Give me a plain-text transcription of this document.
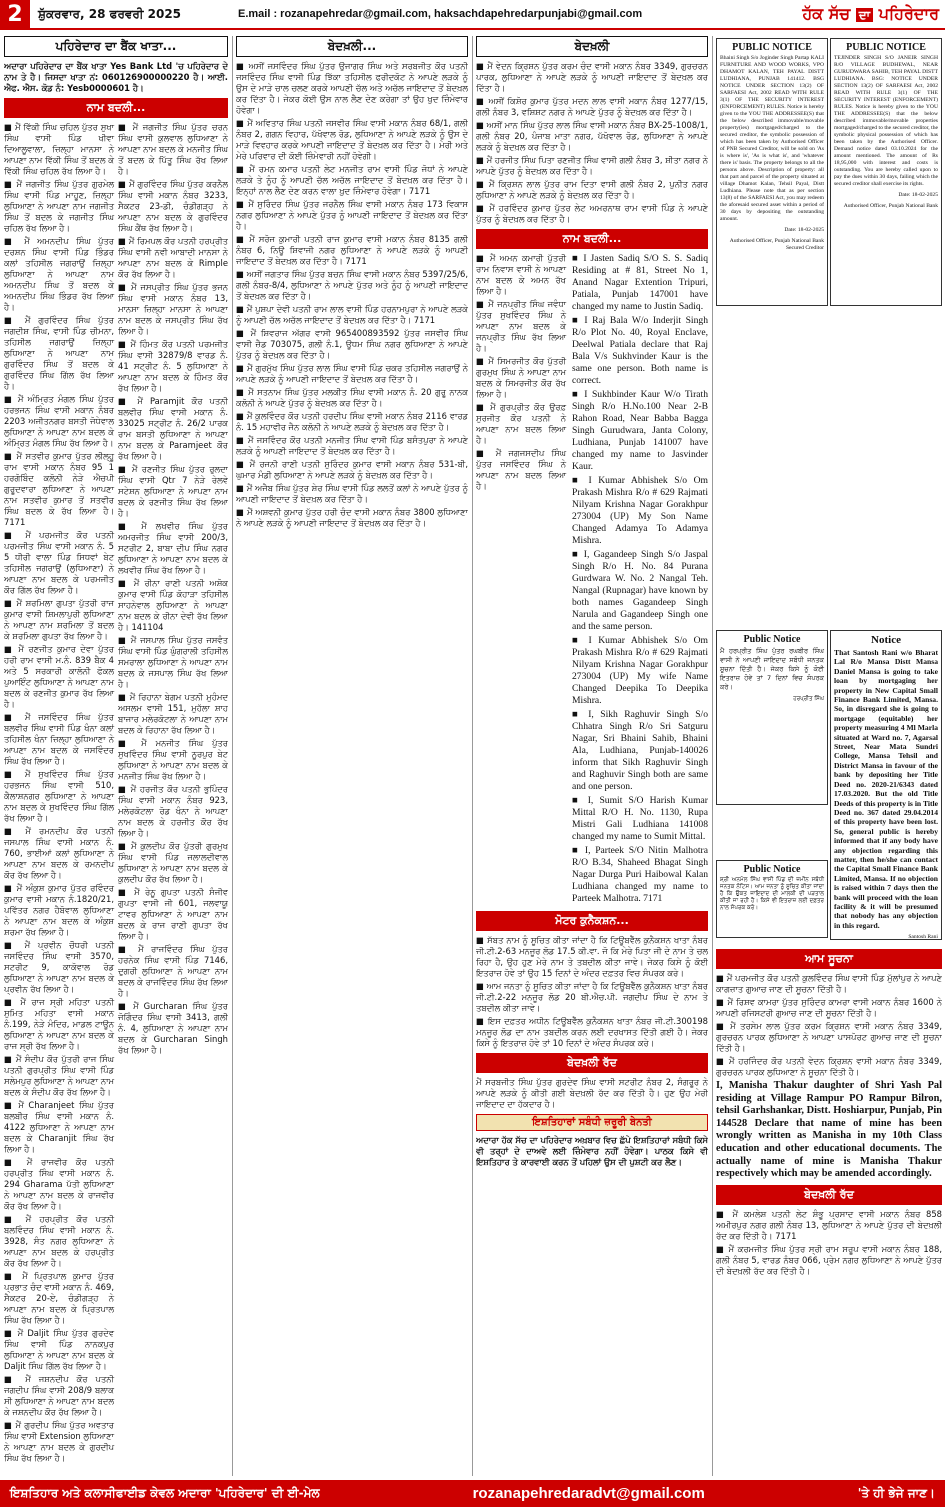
2	ਸ਼ੁੱਕਰਵਾਰ, 28 ਫਰਵਰੀ 2025	E.mail : rozanapehredar@gmail.com, haksachdapehredarpunjabi@gmail.com	ਹੱਕ ਸੱਚ ਦਾ ਪਹਿਰੇਦਾਰ
ਪਹਿਰੇਦਾਰ ਦਾ ਬੈਂਕ ਖਾਤਾ...

ਅਦਾਰਾ ਪਹਿਰੇਦਾਰ ਦਾ ਬੈਂਕ ਖਾਤਾ Yes Bank Ltd 'ਚ ਪਹਿਰੇਦਾਰ ਦੇ ਨਾਮ ਤੇ ਹੈ। ਜਿਸਦਾ ਖਾਤਾ ਨਂ: 060126900000220 ਹੈ। ਆਈ. ਐਫ. ਐਸ. ਕੋਡ ਨੰ: Yesb0000601 ਹੈ।

ਨਾਮ ਬਦਲੀ...

■ ਮੈਂ ਵਿੱਕੀ ਸਿੰਘ ਚਹਿਲ ਪੁੱਤਰ ਸੁਖਾ ਸਿੰਘ ਵਾਸੀ ਪਿੰਡ ਖੀਵਾ ਦਿਆਲੂਵਾਲਾ, ਜ਼ਿਲ੍ਹਾ ਮਾਨਸਾ ਨੇ ਆਪਣਾ ਨਾਮ ਵਿੱਕੀ ਸਿੰਘ ਤੋਂ ਬਦਲ ਕੇ ਵਿੱਕੀ ਸਿੰਘ ਚਹਿਲ ਰੱਖ ਲਿਆ ਹੈ।

■ ਮੈਂ ਜਗਜੀਤ ਸਿੰਘ ਪੁੱਤਰ ਗੁਰਮੇਲ ਸਿੰਘ ਵਾਸੀ ਪਿੰਡ ਮਾਹੂਣ, ਜ਼ਿਲ੍ਹਾ ਲੁਧਿਆਣਾ ਨੇ ਆਪਣਾ ਨਾਮ ਜਗਜੀਤ ਸਿੰਘ ਤੋਂ ਬਦਲ ਕੇ ਜਗਜੀਤ ਸਿੰਘ ਚਹਿਲ ਰੱਖ ਲਿਆ ਹੈ।

■ ਮੈਂ ਅਮਨਦੀਪ ਸਿੰਘ ਪੁੱਤਰ ਦਰਸ਼ਨ ਸਿੰਘ ਵਾਸੀ ਪਿੰਡ ਭਿੰਡਰ ਕਲਾਂ ਤਹਿਸੀਲ ਜਗਰਾਉਂ ਜ਼ਿਲ੍ਹਾ ਲੁਧਿਆਣਾ ਨੇ ਆਪਣਾ ਨਾਮ ਅਮਨਦੀਪ ਸਿੰਘ ਤੋਂ ਬਦਲ ਕੇ ਅਮਨਦੀਪ ਸਿੰਘ ਭਿੰਡਰ ਰੱਖ ਲਿਆ ਹੈ।

■ ਮੈਂ ਗੁਰਵਿੰਦਰ ਸਿੰਘ ਪੁੱਤਰ ਜਗਦੀਸ਼ ਸਿੰਘ, ਵਾਸੀ ਪਿੰਡ ਚੀਮਨਾ, ਤਹਿਸੀਲ ਜਗਰਾਉਂ ਜ਼ਿਲ੍ਹਾ ਲੁਧਿਆਣਾ ਨੇ ਆਪਣਾ ਨਾਮ ਗੁਰਵਿੰਦਰ ਸਿੰਘ ਤੋਂ ਬਦਲ ਕੇ ਗੁਰਵਿੰਦਰ ਸਿੰਘ ਗਿੱਲ ਰੱਖ ਲਿਆ ਹੈ।

■ ਮੈਂ ਅੰਮ੍ਰਿਤ ਮੰਗਲ ਸਿੰਘ ਪੁੱਤਰ ਹਰਭਜਨ ਸਿੰਘ ਵਾਸੀ ਮਕਾਨ ਨੰਬਰ 2203 ਅਜੀਤਨਗਰ ਬਸਤੀ ਜੋਧੇਵਾਲ ਲੁਧਿਆਣਾ ਨੇ ਆਪਣਾ ਨਾਮ ਬਦਲ ਕੇ ਅੰਮ੍ਰਿਤ ਮੰਗਲ ਸਿੰਘ ਰੱਖ ਲਿਆ ਹੈ।

■ ਮੈਂ ਸਤਵੀਰ ਕੁਮਾਰ ਪੁੱਤਰ ਲੀਲ੍ਹੂ ਰਾਮ ਵਾਸੀ ਮਕਾਨ ਨੰਬਰ 95 1 ਹਰਗੋਬਿੰਦ ਕਲੋਨੀ ਨੇੜੇ ਐਚਪੀ ਗੁਰੂਦਵਾਰਾ ਲੁਧਿਆਣਾ ਨੇ ਆਪਣਾ ਨਾਮ ਸਤਵੀਰ ਕੁਮਾਰ ਤੋਂ ਸਤਵੀਰ ਸਿੰਘ ਬਦਲ ਕੇ ਰੱਖ ਲਿਆ ਹੈ। 7171

■ ਮੈਂ ਪਰਮਜੀਤ ਕੌਰ ਪਤਨੀ ਪਰਮਜੀਤ ਸਿੰਘ ਵਾਸੀ ਮਕਾਨ ਨੰ. 5 5 ਧੀਰੀ ਵਾਲਾ ਪਿੰਡ ਸਿਧਵਾਂ ਬੇਟ ਤਹਿਸੀਲ ਜਗਰਾਉਂ (ਲੁਧਿਆਣਾ) ਨੇ ਆਪਣਾ ਨਾਮ ਬਦਲ ਕੇ ਪਰਮਜੀਤ ਕੌਰ ਗਿੱਲ ਰੱਖ ਲਿਆ ਹੈ।

■ ਮੈਂ ਸ਼ਰਮਿਲਾ ਗੁਪਤਾ ਪੁੱਤਰੀ ਰਾਜ ਕੁਮਾਰ ਵਾਸੀ ਸ਼ਿਮਲਾਪੁਰੀ ਲੁਧਿਆਣਾ ਨੇ ਆਪਣਾ ਨਾਮ ਸ਼ਰਮਿਲਾ ਤੋਂ ਬਦਲ ਕੇ ਸ਼ਰਮਿਲਾ ਗੁਪਤਾ ਰੱਖ ਲਿਆ ਹੈ।

■ ਮੈਂ ਰਣਜੀਤ ਕੁਮਾਰ ਦੇਵਾ ਪੁੱਤਰ ਹਰੀ ਰਾਮ ਵਾਸੀ ਮ.ਨੰ. 839 ਬੈਕ 4 ਅਤੇ 5 ਸਰਕਾਰੀ ਕਾਲੋਨੀ ਫੋਕਲ ਪੁਆਇੰਟ ਲੁਧਿਆਣਾ ਨੇ ਆਪਣਾ ਨਾਮ ਬਦਲ ਕੇ ਰਣਜੀਤ ਕੁਮਾਰ ਰੱਖ ਲਿਆ ਹੈ।

■ ਮੈਂ ਜਸਵਿੰਦਰ ਸਿੰਘ ਪੁੱਤਰ ਬਲਵੀਰ ਸਿੰਘ ਵਾਸੀ ਪਿੰਡ ਖੰਨਾ ਕਲਾਂ ਤਹਿਸੀਲ ਖੰਨਾ ਜ਼ਿਲ੍ਹਾ ਲੁਧਿਆਣਾ ਨੇ ਆਪਣਾ ਨਾਮ ਬਦਲ ਕੇ ਜਸਵਿੰਦਰ ਸਿੰਘ ਰੱਖ ਲਿਆ ਹੈ।

■ ਮੈਂ ਸੁਖਵਿੰਦਰ ਸਿੰਘ ਪੁੱਤਰ ਹਰਭਜਨ ਸਿੰਘ ਵਾਸੀ 510, ਕੈਲਾਸ਼ਨਗਰ ਲੁਧਿਆਣਾ ਨੇ ਆਪਣਾ ਨਾਮ ਬਦਲ ਕੇ ਸੁਖਵਿੰਦਰ ਸਿੰਘ ਗਿੱਲ ਰੱਖ ਲਿਆ ਹੈ।

■ ਮੈਂ ਰਮਨਦੀਪ ਕੌਰ ਪਤਨੀ ਜਸਪਾਲ ਸਿੰਘ ਵਾਸੀ ਮਕਾਨ ਨੰ. 760, ਭਾਈਆਂ ਕਲਾਂ ਲੁਧਿਆਣਾ ਨੇ ਆਪਣਾ ਨਾਮ ਬਦਲ ਕੇ ਰਮਨਦੀਪ ਕੌਰ ਰੱਖ ਲਿਆ ਹੈ।

■ ਮੈਂ ਅੰਕੁਸ਼ ਕੁਮਾਰ ਪੁੱਤਰ ਰਵਿੰਦਰ ਕੁਮਾਰ ਵਾਸੀ ਮਕਾਨ ਨੰ.1820/21, ਪਵਿੱਤਰ ਨਗਰ ਹੈਬੋਵਾਲ ਲੁਧਿਆਣਾ ਨੇ ਆਪਣਾ ਨਾਮ ਬਦਲ ਕੇ ਅੰਕੁਸ਼ ਸ਼ਰਮਾ ਰੱਖ ਲਿਆ ਹੈ।

■ ਮੈਂ ਪ੍ਰਵੀਨ ਚੌਧਰੀ ਪਤਨੀ ਜਸਵਿੰਦਰ ਸਿੰਘ ਵਾਸੀ 3570, ਸਟਰੀਟ 9, ਕਾਕੋਵਾਲ ਰੋਡ ਲੁਧਿਆਣਾ ਨੇ ਆਪਣਾ ਨਾਮ ਬਦਲ ਕੇ ਪ੍ਰਵੀਨ ਰੱਖ ਲਿਆ ਹੈ।

■ ਮੈਂ ਰਾਜ ਸ੍ਰੀ ਮਹਿਤਾ ਪਤਨੀ ਸੁਮਿਤ ਮਹਿਤਾ ਵਾਸੀ ਮਕਾਨ ਨੰ.199, ਨੇੜੇ ਮੰਦਿਰ, ਮਾਡਲ ਟਾਊਨ ਲੁਧਿਆਣਾ ਨੇ ਆਪਣਾ ਨਾਮ ਬਦਲ ਕੇ ਰਾਜ ਸ੍ਰੀ ਰੱਖ ਲਿਆ ਹੈ।

■ ਮੈਂ ਸੰਦੀਪ ਕੌਰ ਪੁੱਤਰੀ ਰਾਜ ਸਿੰਘ ਪਤਨੀ ਗੁਰਪ੍ਰੀਤ ਸਿੰਘ ਵਾਸੀ ਪਿੰਡ ਸਲੇਮਪੁਰ ਲੁਧਿਆਣਾ ਨੇ ਆਪਣਾ ਨਾਮ ਬਦਲ ਕੇ ਸੰਦੀਪ ਕੌਰ ਰੱਖ ਲਿਆ ਹੈ।

■ ਮੈਂ Charanjeet ਸਿੰਘ ਪੁੱਤਰ ਬਲਬੀਰ ਸਿੰਘ ਵਾਸੀ ਮਕਾਨ ਨੰ. 4122 ਲੁਧਿਆਣਾ ਨੇ ਆਪਣਾ ਨਾਮ ਬਦਲ ਕੇ Charanjit ਸਿੰਘ ਰੱਖ ਲਿਆ ਹੈ।

■ ਮੈਂ ਰਾਜਵੀਰ ਕੌਰ ਪਤਨੀ ਹਰਪ੍ਰੀਤ ਸਿੰਘ ਵਾਸੀ ਮਕਾਨ ਨੰ. 294 Gharama ਪੱਤੀ ਲੁਧਿਆਣਾ ਨੇ ਆਪਣਾ ਨਾਮ ਬਦਲ ਕੇ ਰਾਜਵੀਰ ਕੌਰ ਰੱਖ ਲਿਆ ਹੈ।

■ ਮੈਂ ਹਰਪ੍ਰੀਤ ਕੌਰ ਪਤਨੀ ਬਲਵਿੰਦਰ ਸਿੰਘ ਵਾਸੀ ਮਕਾਨ ਨੰ. 3928, ਸੰਤ ਨਗਰ ਲੁਧਿਆਣਾ ਨੇ ਆਪਣਾ ਨਾਮ ਬਦਲ ਕੇ ਹਰਪ੍ਰੀਤ ਕੌਰ ਰੱਖ ਲਿਆ ਹੈ।

■ ਮੈਂ ਪ੍ਰਿਤਪਾਲ ਕੁਮਾਰ ਪੁੱਤਰ ਪ੍ਰਭਾਤ ਚੰਦ ਵਾਸੀ ਮਕਾਨ ਨੰ. 469, ਸੈਕਟਰ 20-ਏ, ਚੰਡੀਗੜ੍ਹ ਨੇ ਆਪਣਾ ਨਾਮ ਬਦਲ ਕੇ ਪ੍ਰਿਤਪਾਲ ਸਿੰਘ ਰੱਖ ਲਿਆ ਹੈ।

■ ਮੈਂ Daljit ਸਿੰਘ ਪੁੱਤਰ ਗੁਰਦੇਵ ਸਿੰਘ ਵਾਸੀ ਪਿੰਡ ਨਾਨਕਪੁਰ ਲੁਧਿਆਣਾ ਨੇ ਆਪਣਾ ਨਾਮ ਬਦਲ ਕੇ Daljit ਸਿੰਘ ਗਿੱਲ ਰੱਖ ਲਿਆ ਹੈ।

■ ਮੈਂ ਜਸ਼ਨਦੀਪ ਕੌਰ ਪਤਨੀ ਜਗਦੀਪ ਸਿੰਘ ਵਾਸੀ 208/9 ਬਲਾਕ ਸੀ ਲੁਧਿਆਣਾ ਨੇ ਆਪਣਾ ਨਾਮ ਬਦਲ ਕੇ ਜਸ਼ਨਦੀਪ ਕੌਰ ਰੱਖ ਲਿਆ ਹੈ।

■ ਮੈਂ ਗੁਰਦੀਪ ਸਿੰਘ ਪੁੱਤਰ ਅਵਤਾਰ ਸਿੰਘ ਵਾਸੀ Extension ਲੁਧਿਆਣਾ ਨੇ ਆਪਣਾ ਨਾਮ ਬਦਲ ਕੇ ਗੁਰਦੀਪ ਸਿੰਘ ਰੱਖ ਲਿਆ ਹੈ।

ਬੇਦਖ਼ਲੀ...

■ ਅਸੀਂ ਜਸਵਿੰਦਰ ਸਿੰਘ ਪੁੱਤਰ ਉਜਾਗਰ ਸਿੰਘ ਅਤੇ ਸਰਬਜੀਤ ਕੌਰ ਪਤਨੀ ਜਸਵਿੰਦਰ ਸਿੰਘ ਵਾਸੀ ਪਿੰਡ ਝਿੱਕਾ ਤਹਿਸੀਲ ਫਰੀਦਕੋਟ ਨੇ ਆਪਣੇ ਲੜਕੇ ਨੂੰ ਉਸ ਦੇ ਮਾੜੇ ਚਾਲ ਚਲਣ ਕਰਕੇ ਆਪਣੀ ਚੱਲ ਅਤੇ ਅਚੱਲ ਜਾਇਦਾਦ ਤੋਂ ਬੇਦਖ਼ਲ ਕਰ ਦਿੱਤਾ ਹੈ। ਜੇਕਰ ਕੋਈ ਉਸ ਨਾਲ ਲੈਣ ਦੇਣ ਕਰੇਗਾ ਤਾਂ ਉਹ ਖੁਦ ਜ਼ਿੰਮੇਵਾਰ ਹੋਵੇਗਾ।

■ ਮੈਂ ਅਵਿਤਾਰ ਸਿੰਘ ਪਤਨੀ ਜਸਵੀਰ ਸਿੰਘ ਵਾਸੀ ਮਕਾਨ ਨੰਬਰ 68/1, ਗਲੀ ਨੰਬਰ 2, ਗਗਨ ਵਿਹਾਰ, ਪੱਖੋਵਾਲ ਰੋਡ, ਲੁਧਿਆਣਾ ਨੇ ਆਪਣੇ ਲੜਕੇ ਨੂੰ ਉਸ ਦੇ ਮਾੜੇ ਵਿਵਹਾਰ ਕਰਕੇ ਆਪਣੀ ਜਾਇਦਾਦ ਤੋਂ ਬੇਦਖ਼ਲ ਕਰ ਦਿੱਤਾ ਹੈ। ਮੇਰੀ ਅਤੇ ਮੇਰੇ ਪਰਿਵਾਰ ਦੀ ਕੋਈ ਜ਼ਿੰਮੇਵਾਰੀ ਨਹੀਂ ਹੋਵੇਗੀ।

■ ਮੈਂ ਰਮਨ ਕਮਾਰ ਪਤਨੀ ਲੇਟ ਮਨਜੀਤ ਰਾਮ ਵਾਸੀ ਪਿੰਡ ਜੋਧਾਂ ਨੇ ਆਪਣੇ ਲੜਕੇ ਤੇ ਨੂੰਹ ਨੂੰ ਆਪਣੀ ਚੱਲ ਅਚੱਲ ਜਾਇਦਾਦ ਤੋਂ ਬੇਦਖ਼ਲ ਕਰ ਦਿੱਤਾ ਹੈ। ਇਨ੍ਹਾਂ ਨਾਲ ਲੈਣ ਦੇਣ ਕਰਨ ਵਾਲਾ ਖ਼ੁਦ ਜ਼ਿੰਮੇਵਾਰ ਹੋਵੇਗਾ। 7171

■ ਮੈਂ ਸੁਰਿੰਦਰ ਸਿੰਘ ਪੁੱਤਰ ਜਰਨੈਲ ਸਿੰਘ ਵਾਸੀ ਮਕਾਨ ਨੰਬਰ 173 ਵਿਕਾਸ ਨਗਰ ਲੁਧਿਆਣਾ ਨੇ ਆਪਣੇ ਪੁੱਤਰ ਨੂੰ ਆਪਣੀ ਜਾਇਦਾਦ ਤੋਂ ਬੇਦਖ਼ਲ ਕਰ ਦਿੱਤਾ ਹੈ।

■ ਮੈਂ ਸਰੋਜ ਕੁਮਾਰੀ ਪਤਨੀ ਰਾਜ ਕੁਮਾਰ ਵਾਸੀ ਮਕਾਨ ਨੰਬਰ 8135 ਗਲੀ ਨੰਬਰ 6, ਨਿਊ ਸ਼ਿਵਾਜੀ ਨਗਰ ਲੁਧਿਆਣਾ ਨੇ ਆਪਣੇ ਲੜਕੇ ਨੂੰ ਆਪਣੀ ਜਾਇਦਾਦ ਤੋਂ ਬੇਦਖ਼ਲ ਕਰ ਦਿੱਤਾ ਹੈ। 7171

■ ਅਸੀਂ ਜਗਤਾਰ ਸਿੰਘ ਪੁੱਤਰ ਬਚਨ ਸਿੰਘ ਵਾਸੀ ਮਕਾਨ ਨੰਬਰ 5397/25/6, ਗਲੀ ਨੰਬਰ-8/4, ਲੁਧਿਆਣਾ ਨੇ ਆਪਣੇ ਪੁੱਤਰ ਅਤੇ ਨੂੰਹ ਨੂੰ ਆਪਣੀ ਜਾਇਦਾਦ ਤੋਂ ਬੇਦਖ਼ਲ ਕਰ ਦਿੱਤਾ ਹੈ।

■ ਮੈਂ ਪੁਸ਼ਪਾ ਦੇਵੀ ਪਤਨੀ ਰਾਮ ਲਾਲ ਵਾਸੀ ਪਿੰਡ ਹਰਨਾਮਪੁਰਾ ਨੇ ਆਪਣੇ ਲੜਕੇ ਨੂੰ ਆਪਣੀ ਚੱਲ ਅਚੱਲ ਜਾਇਦਾਦ ਤੋਂ ਬੇਦਖ਼ਲ ਕਰ ਦਿੱਤਾ ਹੈ। 7171

■ ਮੈਂ ਸ਼ਿਵਰਾਜ ਅੱਗਰ ਵਾਸੀ 965400893592 ਪੁੱਤਰ ਜਸਵੀਰ ਸਿੰਘ ਵਾਸੀ ਜ਼ੈਡ 703075, ਗਲੀ ਨੰ.1, ਊਧਮ ਸਿੰਘ ਨਗਰ ਲੁਧਿਆਣਾ ਨੇ ਆਪਣੇ ਪੁੱਤਰ ਨੂੰ ਬੇਦਖ਼ਲ ਕਰ ਦਿੱਤਾ ਹੈ।

■ ਮੈਂ ਗੁਰਮੁੱਖ ਸਿੰਘ ਪੁੱਤਰ ਲਾਲ ਸਿੰਘ ਵਾਸੀ ਪਿੰਡ ਚਕਰ ਤਹਿਸੀਲ ਜਗਰਾਉਂ ਨੇ ਆਪਣੇ ਲੜਕੇ ਨੂੰ ਆਪਣੀ ਜਾਇਦਾਦ ਤੋਂ ਬੇਦਖ਼ਲ ਕਰ ਦਿੱਤਾ ਹੈ।

■ ਮੈਂ ਸਤਨਾਮ ਸਿੰਘ ਪੁੱਤਰ ਮਲਕੀਤ ਸਿੰਘ ਵਾਸੀ ਮਕਾਨ ਨੰ. 20 ਗੁਰੂ ਨਾਨਕ ਕਲੋਨੀ ਨੇ ਆਪਣੇ ਪੁੱਤਰ ਨੂੰ ਬੇਦਖ਼ਲ ਕਰ ਦਿੱਤਾ ਹੈ।

■ ਮੈਂ ਕੁਲਵਿੰਦਰ ਕੌਰ ਪਤਨੀ ਹਰਦੀਪ ਸਿੰਘ ਵਾਸੀ ਮਕਾਨ ਨੰਬਰ 2116 ਵਾਰਡ ਨੰ. 15 ਮਹਾਵੀਰ ਜੈਨ ਕਲੋਨੀ ਨੇ ਆਪਣੇ ਲੜਕੇ ਨੂੰ ਬੇਦਖ਼ਲ ਕਰ ਦਿੱਤਾ ਹੈ।

■ ਮੈਂ ਜਸਵਿੰਦਰ ਕੌਰ ਪਤਨੀ ਮਨਜੀਤ ਸਿੰਘ ਵਾਸੀ ਪਿੰਡ ਬਸੰਤਪੁਰਾ ਨੇ ਆਪਣੇ ਲੜਕੇ ਨੂੰ ਆਪਣੀ ਜਾਇਦਾਦ ਤੋਂ ਬੇਦਖ਼ਲ ਕਰ ਦਿੱਤਾ ਹੈ।

■ ਮੈਂ ਰਜਨੀ ਰਾਣੀ ਪਤਨੀ ਸੁਰਿੰਦਰ ਕੁਮਾਰ ਵਾਸੀ ਮਕਾਨ ਨੰਬਰ 531-ਬੀ, ਘੁਮਾਰ ਮੰਡੀ ਲੁਧਿਆਣਾ ਨੇ ਆਪਣੇ ਲੜਕੇ ਨੂੰ ਬੇਦਖ਼ਲ ਕਰ ਦਿੱਤਾ ਹੈ।

■ ਮੈਂ ਅਜੈਬ ਸਿੰਘ ਪੁੱਤਰ ਸ਼ੇਰ ਸਿੰਘ ਵਾਸੀ ਪਿੰਡ ਲਲਤੋਂ ਕਲਾਂ ਨੇ ਆਪਣੇ ਪੁੱਤਰ ਨੂੰ ਆਪਣੀ ਜਾਇਦਾਦ ਤੋਂ ਬੇਦਖ਼ਲ ਕਰ ਦਿੱਤਾ ਹੈ।

■ ਮੈਂ ਅਸ਼ਵਨੀ ਕੁਮਾਰ ਪੁੱਤਰ ਹਰੀ ਚੰਦ ਵਾਸੀ ਮਕਾਨ ਨੰਬਰ 3800 ਲੁਧਿਆਣਾ ਨੇ ਆਪਣੇ ਲੜਕੇ ਨੂੰ ਆਪਣੀ ਜਾਇਦਾਦ ਤੋਂ ਬੇਦਖ਼ਲ ਕਰ ਦਿੱਤਾ ਹੈ।

ਬੇਦਖ਼ਲੀ

■ ਮੈਂ ਵੇਦਨ ਕ੍ਰਿਸ਼ਨ ਪੁੱਤਰ ਕਰਮ ਚੰਦ ਵਾਸੀ ਮਕਾਨ ਨੰਬਰ 3349, ਗੁਰਚਰਨ ਪਾਰਕ, ਲੁਧਿਆਣਾ ਨੇ ਆਪਣੇ ਲੜਕੇ ਨੂੰ ਆਪਣੀ ਜਾਇਦਾਦ ਤੋਂ ਬੇਦਖ਼ਲ ਕਰ ਦਿੱਤਾ ਹੈ।

■ ਅਸੀਂ ਕਿਸ਼ੋਰ ਕੁਮਾਰ ਪੁੱਤਰ ਮਦਨ ਲਾਲ ਵਾਸੀ ਮਕਾਨ ਨੰਬਰ 1277/15, ਗਲੀ ਨੰਬਰ 3, ਵਸ਼ਿਸ਼ਟ ਨਗਰ ਨੇ ਆਪਣੇ ਪੁੱਤਰ ਨੂੰ ਬੇਦਖ਼ਲ ਕਰ ਦਿੱਤਾ ਹੈ।

■ ਅਸੀਂ ਮਾਨ ਸਿੰਘ ਪੁੱਤਰ ਲਾਲ ਸਿੰਘ ਵਾਸੀ ਮਕਾਨ ਨੰਬਰ BX-25-1008/1, ਗਲੀ ਨੰਬਰ 20, ਪੰਜਾਬ ਮਾਤਾ ਨਗਰ, ਪੱਖੋਵਾਲ ਰੋਡ, ਲੁਧਿਆਣਾ ਨੇ ਆਪਣੇ ਲੜਕੇ ਨੂੰ ਬੇਦਖ਼ਲ ਕਰ ਦਿੱਤਾ ਹੈ।

■ ਮੈਂ ਹਰਜੀਤ ਸਿੰਘ ਪਿਤਾ ਰਣਜੀਤ ਸਿੰਘ ਵਾਸੀ ਗਲੀ ਨੰਬਰ 3, ਸ਼ੀਤਾ ਨਗਰ ਨੇ ਆਪਣੇ ਪੁੱਤਰ ਨੂੰ ਬੇਦਖ਼ਲ ਕਰ ਦਿੱਤਾ ਹੈ।

■ ਮੈਂ ਕ੍ਰਿਸ਼ਨ ਲਾਲ ਪੁੱਤਰ ਰਾਮ ਦਿਤਾ ਵਾਸੀ ਗਲੀ ਨੰਬਰ 2, ਪੁਨੀਤ ਨਗਰ ਲੁਧਿਆਣਾ ਨੇ ਆਪਣੇ ਲੜਕੇ ਨੂੰ ਬੇਦਖ਼ਲ ਕਰ ਦਿੱਤਾ ਹੈ।

■ ਮੈਂ ਹਰਵਿੰਦਰ ਕੁਮਾਰ ਪੁੱਤਰ ਲੇਟ ਅਮਰਨਾਥ ਰਾਮ ਵਾਸੀ ਪਿੰਡ ਨੇ ਆਪਣੇ ਪੁੱਤਰ ਨੂੰ ਬੇਦਖ਼ਲ ਕਰ ਦਿੱਤਾ ਹੈ।

ਨਾਮ ਬਦਲੀ...

■ ਮੈਂ ਅਮਨ ਕਮਾਰੀ ਪੁੱਤਰੀ ਰਾਮ ਨਿਵਾਸ ਵਾਸੀ ਨੇ ਆਪਣਾ ਨਾਮ ਬਦਲ ਕੇ ਅਮਨ ਰੱਖ ਲਿਆ ਹੈ।

■ ਮੈਂ ਜਨਪ੍ਰੀਤ ਸਿੰਘ ਜਵੰਧਾ ਪੁੱਤਰ ਸੁਖਵਿੰਦਰ ਸਿੰਘ ਨੇ ਆਪਣਾ ਨਾਮ ਬਦਲ ਕੇ ਜਨਪ੍ਰੀਤ ਸਿੰਘ ਰੱਖ ਲਿਆ ਹੈ।

■ ਮੈਂ ਸਿਮਰਜੀਤ ਕੌਰ ਪੁੱਤਰੀ ਗੁਰਮੁਖ ਸਿੰਘ ਨੇ ਆਪਣਾ ਨਾਮ ਬਦਲ ਕੇ ਸਿਮਰਜੀਤ ਕੌਰ ਰੱਖ ਲਿਆ ਹੈ।

■ ਮੈਂ ਗੁਰਪ੍ਰੀਤ ਕੌਰ ਉਰਫ਼ ਸੁਰਜੀਤ ਕੌਰ ਪਤਨੀ ਨੇ ਆਪਣਾ ਨਾਮ ਬਦਲ ਲਿਆ ਹੈ।

■ ਮੈਂ ਜਗਜਸਦੀਪ ਸਿੰਘ ਪੁੱਤਰ ਜਸਵਿੰਦਰ ਸਿੰਘ ਨੇ ਆਪਣਾ ਨਾਮ ਬਦਲ ਲਿਆ ਹੈ।

■ I Jasten Sadiq S/O S. S. Sadiq Residing at # 81, Street No 1, Anand Nagar Extention Tripuri, Patiala, Punjab 147001 have changed my name to Justin Sadiq.

■ I Raj Bala W/o Inderjit Singh R/o Plot No. 40, Royal Enclave, Deelwal Patiala declare that Raj Bala V/s Sukhvinder Kaur is the same one person. Both name is correct.

■ I Sukhbinder Kaur W/o Tirath Singh R/o H.No.100 Near 2-B Rahon Road, Near Babba Bagga Singh Gurudwara, Janta Colony, Ludhiana, Punjab 141007 have changed my name to Jasvinder Kaur.

■ I Kumar Abhishek S/o Om Prakash Mishra R/o # 629 Rajmati Nilyam Krishna Nagar Gorakhpur 273004 (UP) My Son Name Changed Adamya To Adamya Mishra.

■ I, Gagandeep Singh S/o Jaspal Singh R/o H. No. 84 Purana Gurdwara W. No. 2 Nangal Teh. Nangal (Rupnagar) have known by both names Gagandeep Singh Narula and Gagandeep Singh one and the same person.

■ I Kumar Abhishek S/o Om Prakash Mishra R/o # 629 Rajmati Nilyam Krishna Nagar Gorakhpur 273004 (UP) My wife Name Changed Deepika To Deepika Mishra.

■ I, Sikh Raghuvir Singh S/o Chhatra Singh R/o Sri Satguru Nagar, Sri Bhaini Sahib, Bhaini Ala, Ludhiana, Punjab-140026 inform that Sikh Raghuvir Singh and Raghuvir Singh both are same and one person.

■ I, Sumit S/O Harish Kumar Mittal R/O H. No. 1130, Rupa Mistri Gali Ludhiana 141008 changed my name to Sumit Mittal.

■ I, Parteek S/O Nitin Malhotra R/O B.34, Shaheed Bhagat Singh Nagar Durga Puri Haibowal Kalan Ludhiana changed my name to Parteek Malhotra. 7171

ਮੋਟਰ ਕੁਨੈਕਸ਼ਨ...

■ ਸੱਬਤ ਨਾਮ ਨੂੰ ਸੂਚਿਤ ਕੀਤਾ ਜਾਂਦਾ ਹੈ ਕਿ ਟਿਊਬਵੈੱਲ ਕੁਨੈਕਸ਼ਨ ਖਾਤਾ ਨੰਬਰ ਜੀ.ਟੀ.2-63 ਮਨਜੂਰ ਲੋਡ 17.5 ਕੀ.ਵਾ. ਜੋ ਕਿ ਮੇਰੇ ਪਿਤਾ ਜੀ ਦੇ ਨਾਮ ਤੇ ਚਲ ਰਿਹਾ ਹੈ, ਉਹ ਹੁਣ ਮੇਰੇ ਨਾਮ ਤੇ ਤਬਦੀਲ ਕੀਤਾ ਜਾਵੇ। ਜੇਕਰ ਕਿਸੇ ਨੂੰ ਕੋਈ ਇਤਰਾਜ਼ ਹੋਵੇ ਤਾਂ ਉਹ 15 ਦਿਨਾਂ ਦੇ ਅੰਦਰ ਦਫ਼ਤਰ ਵਿਚ ਸੰਪਰਕ ਕਰੇ।

■ ਆਮ ਜਨਤਾ ਨੂੰ ਸੂਚਿਤ ਕੀਤਾ ਜਾਂਦਾ ਹੈ ਕਿ ਟਿਊਬਵੈੱਲ ਕੁਨੈਕਸ਼ਨ ਖਾਤਾ ਨੰਬਰ ਜੀ.ਟੀ.2-22 ਮਨਜੂਰ ਲੋਡ 20 ਬੀ.ਐਚ.ਪੀ. ਜਗਦੀਪ ਸਿੰਘ ਦੇ ਨਾਮ ਤੇ ਤਬਦੀਲ ਕੀਤਾ ਜਾਵੇ।

■ ਇਸ ਦਫ਼ਤਰ ਅਧੀਨ ਟਿਊਬਵੈੱਲ ਕੁਨੈਕਸ਼ਨ ਖਾਤਾ ਨੰਬਰ ਜੀ.ਟੀ.300198 ਮਨਜੂਰ ਲੋਡ ਦਾ ਨਾਮ ਤਬਦੀਲ ਕਰਨ ਲਈ ਦਰਖਾਸਤ ਦਿੱਤੀ ਗਈ ਹੈ। ਜੇਕਰ ਕਿਸੇ ਨੂੰ ਇਤਰਾਜ਼ ਹੋਵੇ ਤਾਂ 10 ਦਿਨਾਂ ਦੇ ਅੰਦਰ ਸੰਪਰਕ ਕਰੇ।

ਬੇਦਖ਼ਲੀ ਰੱਦ

ਮੈਂ ਸਰਬਜੀਤ ਸਿੰਘ ਪੁੱਤਰ ਗੁਰਦੇਵ ਸਿੰਘ ਵਾਸੀ ਸਟਰੀਟ ਨੰਬਰ 2, ਸੰਗਰੂਰ ਨੇ ਆਪਣੇ ਲੜਕੇ ਨੂੰ ਕੀਤੀ ਗਈ ਬੇਦਖ਼ਲੀ ਰੱਦ ਕਰ ਦਿੱਤੀ ਹੈ। ਹੁਣ ਉਹ ਮੇਰੀ ਜਾਇਦਾਦ ਦਾ ਹੱਕਦਾਰ ਹੈ।

ਇਸ਼ਤਿਹਾਰਾਂ ਸਬੰਧੀ ਜ਼ਰੂਰੀ ਬੇਨਤੀ

ਅਦਾਰਾ ਹੱਕ ਸੱਚ ਦਾ ਪਹਿਰੇਦਾਰ ਅਖ਼ਬਾਰ ਵਿਚ ਛੱਪੇ ਇਸ਼ਤਿਹਾਰਾਂ ਸਬੰਧੀ ਕਿਸੇ ਵੀ ਤਰ੍ਹਾਂ ਦੇ ਦਾਅਵੇ ਲਈ ਜ਼ਿੰਮੇਵਾਰ ਨਹੀਂ ਹੋਵੇਗਾ। ਪਾਠਕ ਕਿਸੇ ਵੀ ਇਸ਼ਤਿਹਾਰ ਤੇ ਕਾਰਵਾਈ ਕਰਨ ਤੋਂ ਪਹਿਲਾਂ ਉਸ ਦੀ ਪੁਸ਼ਟੀ ਕਰ ਲੈਣ।

PUBLIC NOTICE
Bhaini Singh S/o Joginder Singh Partap KALI FURNITURE AND WOOD WORKS, VPO DHAMOT KALAN, TEH PAYAL DISTT LUDHIANA, PUNJAB 141412. BSG NOTICE UNDER SECTION 13(2) OF SARFAESI Act, 2002 READ WITH RULE 3(1) OF THE SECURITY INTEREST (ENFORCEMENT) RULES. Notice is hereby given to the YOU THE ADDRESSEE(S) that the below described immovable/movable property(ies) mortgaged/charged to the secured creditor, the symbolic possession of which has been taken by Authorised Officer of PNB Secured Creditor, will be sold on 'As is where is', 'As is what is', and 'whatever there is' basis. The property belongs to all the persons above. Description of property: all that part and parcel of the property situated at village Dhamot Kalan, Tehsil Payal, Distt Ludhiana. Please note that as per section 13(8) of the SARFAESI Act, you may redeem the aforesaid secured asset within a period of 30 days by depositing the outstanding amount.
Date: 18-02-2025
Authorised Officer, Punjab National Bank Secured Creditor
PUBLIC NOTICE
TEJINDER SINGH S/O JANEIR SINGH R/O VILLAGE BUDHEWAL, NEAR GURUDWARA SAHIB, TEH PAYAL DISTT LUDHIANA. BSG: NOTICE UNDER SECTION 13(2) OF SARFAESI Act, 2002 READ WITH RULE 3(1) OF THE SECURITY INTEREST (ENFORCEMENT) RULES. Notice is hereby given to the YOU THE ADDRESSEE(S) that the below described immovable/movable properties mortgaged/charged to the secured creditor, the symbolic physical possession of which has been taken by the Authorised Officer. Demand notice dated 03.10.2024 for the amount mentioned. The amount of Rs 18,95,000 with interest and costs is outstanding. You are hereby called upon to pay the dues within 30 days, failing which the secured creditor shall exercise its rights.
Date: 18-02-2025
Authorised Officer, Punjab National Bank
Public Notice
ਮੈਂ ਹਰਪ੍ਰੀਤ ਸਿੰਘ ਪੁੱਤਰ ਰਘਬੀਰ ਸਿੰਘ ਵਾਸੀ ਨੇ ਆਪਣੀ ਜਾਇਦਾਦ ਸਬੰਧੀ ਜਨਤਕ ਸੂਚਨਾ ਦਿੱਤੀ ਹੈ। ਜੇਕਰ ਕਿਸੇ ਨੂੰ ਕੋਈ ਇਤਰਾਜ਼ ਹੋਵੇ ਤਾਂ 7 ਦਿਨਾਂ ਵਿਚ ਸੰਪਰਕ ਕਰੇ।
ਹਰਪ੍ਰੀਤ ਸਿੰਘ
Notice
That Santosh Rani w/o Bharat Lal R/o Mansa Distt Mansa Daniel Mansa is going to take loan by mortgaging her property in New Capital Small Finance Bank Limited, Mansa. So, in disregard she is going to mortgage (equitable) her property measuring 4 Ml Marla situated at Ward no. 7, Agarsal Street, Near Mata Sundri College, Mansa Tehsil and District Mansa in favour of the bank by depositing her Title Deed no. 2020-21/6343 dated 17.03.2020. But the old Title Deeds of this property is in Title Deed no. 367 dated 29.04.2014 of this property have been lost. So, general public is hereby informed that if any body have any objection regarding this matter, then he/she can contact the Capital Small Finance Bank Limited, Mansa. If no objection is raised within 7 days then the bank will proceed with the loan facility & it will be presumed that nobody has any objection in this regard.
Santosh Rani
Public Notice
ਸ਼੍ਰੀ ਅਨਮੋਲ ਸਿੰਘ ਵਾਸੀ ਪਿੰਡ ਦੀ ਜ਼ਮੀਨ ਸਬੰਧੀ ਜਨਤਕ ਨੋਟਿਸ। ਆਮ ਜਨਤਾ ਨੂੰ ਸੂਚਿਤ ਕੀਤਾ ਜਾਂਦਾ ਹੈ ਕਿ ਉਕਤ ਜਾਇਦਾਦ ਦੀ ਮਾਲਕੀ ਦੀ ਪੜਤਾਲ ਕੀਤੀ ਜਾ ਰਹੀ ਹੈ। ਕਿਸੇ ਵੀ ਇਤਰਾਜ਼ ਲਈ ਦਫ਼ਤਰ ਨਾਲ ਸੰਪਰਕ ਕਰੋ।
ਆਮ ਸੂਚਨਾ

■ ਮੈਂ ਪਰਮਜੀਤ ਕੌਰ ਪਤਨੀ ਕੁਲਵਿੰਦਰ ਸਿੰਘ ਵਾਸੀ ਪਿੰਡ ਮੁੱਲਾਂਪੁਰ ਨੇ ਆਪਣੇ ਕਾਗਜ਼ਾਤ ਗੁਆਚ ਜਾਣ ਦੀ ਸੂਚਨਾ ਦਿੱਤੀ ਹੈ।

■ ਮੈਂ ਰਿਸ਼ਵ ਕਾਮਰਾ ਪੁੱਤਰ ਸੁਰਿੰਦਰ ਕਾਮਰਾ ਵਾਸੀ ਮਕਾਨ ਨੰਬਰ 1600 ਨੇ ਆਪਣੀ ਰਜਿਸਟਰੀ ਗੁਆਚ ਜਾਣ ਦੀ ਸੂਚਨਾ ਦਿੱਤੀ ਹੈ।

■ ਮੈਂ ਤਰਸੇਮ ਲਾਲ ਪੁੱਤਰ ਕਰਮ ਕ੍ਰਿਸ਼ਨ ਵਾਸੀ ਮਕਾਨ ਨੰਬਰ 3349, ਗੁਰਚਰਨ ਪਾਰਕ ਲੁਧਿਆਣਾ ਨੇ ਆਪਣਾ ਪਾਸਪੋਰਟ ਗੁਆਚ ਜਾਣ ਦੀ ਸੂਚਨਾ ਦਿੱਤੀ ਹੈ।

■ ਮੈਂ ਹਰਜਿੰਦਰ ਕੌਰ ਪਤਨੀ ਵੇਦਨ ਕ੍ਰਿਸ਼ਨ ਵਾਸੀ ਮਕਾਨ ਨੰਬਰ 3349, ਗੁਰਚਰਨ ਪਾਰਕ ਲੁਧਿਆਣਾ ਨੇ ਸੂਚਨਾ ਦਿੱਤੀ ਹੈ।

I, Manisha Thakur daughter of Shri Yash Pal residing at Village Rampur PO Rampur Bilron, tehsil Garhshankar, Distt. Hoshiarpur, Punjab, Pin 144528 Declare that name of mine has been wrongly written as Manisha in my 10th Class education and other educational documents. The actually name of mine is Manisha Thakur respectively which may be amended accordingly.

ਬੇਦਖ਼ਲੀ ਰੱਦ

■ ਮੈਂ ਕਮਲੇਸ਼ ਪਤਨੀ ਲੇਟ ਸ਼ੰਭੂ ਪ੍ਰਸਾਦ ਵਾਸੀ ਮਕਾਨ ਨੰਬਰ 858 ਅਮੀਰਪੁਰ ਨਗਰ ਗਲੀ ਨੰਬਰ 13, ਲੁਧਿਆਣਾ ਨੇ ਆਪਣੇ ਪੁੱਤਰ ਦੀ ਬੇਦਖ਼ਲੀ ਰੱਦ ਕਰ ਦਿੱਤੀ ਹੈ। 7171

■ ਮੈਂ ਕਰਮਜੀਤ ਸਿੰਘ ਪੁੱਤਰ ਸ੍ਰੀ ਰਾਮ ਸਰੂਪ ਵਾਸੀ ਮਕਾਨ ਨੰਬਰ 188, ਗਲੀ ਨੰਬਰ 5, ਵਾਰਡ ਨੰਬਰ 066, ਪ੍ਰੇਮ ਨਗਰ ਲੁਧਿਆਣਾ ਨੇ ਆਪਣੇ ਪੁੱਤਰ ਦੀ ਬੇਦਖ਼ਲੀ ਰੱਦ ਕਰ ਦਿੱਤੀ ਹੈ।

ਇਸ਼ਤਿਹਾਰ ਅਤੇ ਕਲਾਸੀਫਾਈਡ ਕੇਵਲ ਅਦਾਰਾ 'ਪਹਿਰੇਦਾਰ' ਦੀ ਈ-ਮੇਲ	rozanapehredaradvt@gmail.com	'ਤੇ ਹੀ ਭੇਜੇ ਜਾਣ।

■ ਮੈਂ ਜਗਜੀਤ ਸਿੰਘ ਪੁੱਤਰ ਚਰਨ ਸਿੰਘ ਵਾਸੀ ਕੁਲਵਾਲ ਲੁਧਿਆਣਾ ਨੇ ਆਪਣਾ ਨਾਮ ਬਦਲ ਕੇ ਮਨਜੀਤ ਸਿੰਘ ਤੋਂ ਬਦਲ ਕੇ ਪਿੱਤੂ ਸਿੰਘ ਰੱਖ ਲਿਆ ਹੈ।

■ ਮੈਂ ਗੁਰਵਿੰਦਰ ਸਿੰਘ ਪੁੱਤਰ ਕਰਨੈਲ ਸਿੰਘ ਵਾਸੀ ਮਕਾਨ ਨੰਬਰ 3233, ਸੈਕਟਰ 23-ਡੀ, ਚੰਡੀਗੜ੍ਹ ਨੇ ਆਪਣਾ ਨਾਮ ਬਦਲ ਕੇ ਗੁਰਵਿੰਦਰ ਸਿੰਘ ਕੈਂਥ ਰੱਖ ਲਿਆ ਹੈ।

■ ਮੈਂ ਰਿਮਪਲ ਕੌਰ ਪਤਨੀ ਹਰਪ੍ਰੀਤ ਸਿੰਘ ਵਾਸੀ ਨਵੀ ਆਬਾਦੀ ਮਾਨਸਾ ਨੇ ਆਪਣਾ ਨਾਮ ਬਦਲ ਕੇ Rimple ਕੌਰ ਰੱਖ ਲਿਆ ਹੈ।

■ ਮੈਂ ਜਸਪ੍ਰੀਤ ਸਿੰਘ ਪੁੱਤਰ ਭਜਨ ਸਿੰਘ ਵਾਸੀ ਮਕਾਨ ਨੰਬਰ 13, ਮਾਨਸਾ ਜ਼ਿਲ੍ਹਾ ਮਾਨਸਾ ਨੇ ਆਪਣਾ ਨਾਮ ਬਦਲ ਕੇ ਜਸਪ੍ਰੀਤ ਸਿੰਘ ਰੱਖ ਲਿਆ ਹੈ।

■ ਮੈਂ ਹਿੰਮਤ ਕੌਰ ਪਤਨੀ ਪਰਮਜੀਤ ਸਿੰਘ ਵਾਸੀ 32879/8 ਵਾਰਡ ਨੰ. 41 ਸਟ੍ਰੀਟ ਨੰ. 5 ਲੁਧਿਆਣਾ ਨੇ ਆਪਣਾ ਨਾਮ ਬਦਲ ਕੇ ਹਿੰਮਤ ਕੌਰ ਰੱਖ ਲਿਆ ਹੈ।

■ ਮੈਂ Paramjit ਕੌਰ ਪਤਨੀ ਬਲਵੀਰ ਸਿੰਘ ਵਾਸੀ ਮਕਾਨ ਨੰ. 33025 ਸਟ੍ਰੀਟ ਨੰ. 26/2 ਪਾਰਕ ਰਾਮ ਬਸਤੀ ਲੁਧਿਆਣਾ ਨੇ ਆਪਣਾ ਨਾਮ ਬਦਲ ਕੇ Paramjeet ਕੌਰ ਰੱਖ ਲਿਆ ਹੈ।

■ ਮੈਂ ਰਣਜੀਤ ਸਿੰਘ ਪੁੱਤਰ ਰੁਲਦਾ ਸਿੰਘ ਵਾਸੀ Qtr 7 ਨੇੜੇ ਰੇਲਵੇ ਸਟੇਸ਼ਨ ਲੁਧਿਆਣਾ ਨੇ ਆਪਣਾ ਨਾਮ ਬਦਲ ਕੇ ਰਣਜੀਤ ਸਿੰਘ ਰੱਖ ਲਿਆ ਹੈ।

■ ਮੈਂ ਲਖਵੀਰ ਸਿੰਘ ਪੁੱਤਰ ਅਮਰਜੀਤ ਸਿੰਘ ਵਾਸੀ 200/3, ਸਟਰੀਟ 2, ਬਾਬਾ ਦੀਪ ਸਿੰਘ ਨਗਰ ਲੁਧਿਆਣਾ ਨੇ ਆਪਣਾ ਨਾਮ ਬਦਲ ਕੇ ਲਖਵੀਰ ਸਿੰਘ ਰੱਖ ਲਿਆ ਹੈ।

■ ਮੈਂ ਰੀਨਾ ਰਾਣੀ ਪਤਨੀ ਅਸ਼ੋਕ ਕੁਮਾਰ ਵਾਸੀ ਪਿੰਡ ਕੋਹਾੜਾ ਤਹਿਸੀਲ ਸਾਹਨੇਵਾਲ ਲੁਧਿਆਣਾ ਨੇ ਆਪਣਾ ਨਾਮ ਬਦਲ ਕੇ ਰੀਨਾ ਦੇਵੀ ਰੱਖ ਲਿਆ ਹੈ। 141104

■ ਮੈਂ ਜਸਪਾਲ ਸਿੰਘ ਪੁੱਤਰ ਜਸਵੰਤ ਸਿੰਘ ਵਾਸੀ ਪਿੰਡ ਘੁੰਗਰਾਲੀ ਤਹਿਸੀਲ ਸਮਰਾਲਾ ਲੁਧਿਆਣਾ ਨੇ ਆਪਣਾ ਨਾਮ ਬਦਲ ਕੇ ਜਸਪਾਲ ਸਿੰਘ ਰੱਖ ਲਿਆ ਹੈ।

■ ਮੈਂ ਰਿਹਾਨਾ ਬੇਗਮ ਪਤਨੀ ਮੁਹੰਮਦ ਅਸਲਮ ਵਾਸੀ 151, ਮੁਹੱਲਾ ਸ਼ਾਹ ਬਾਜਾਰ ਮਲੇਰਕੋਟਲਾ ਨੇ ਆਪਣਾ ਨਾਮ ਬਦਲ ਕੇ ਰਿਹਾਨਾ ਰੱਖ ਲਿਆ ਹੈ।

■ ਮੈਂ ਮਨਜੀਤ ਸਿੰਘ ਪੁੱਤਰ ਸੁਖਵਿੰਦਰ ਸਿੰਘ ਵਾਸੀ ਨੂਰਪੁਰ ਬੇਟ ਲੁਧਿਆਣਾ ਨੇ ਆਪਣਾ ਨਾਮ ਬਦਲ ਕੇ ਮਨਜੀਤ ਸਿੰਘ ਰੱਖ ਲਿਆ ਹੈ।

■ ਮੈਂ ਹਰਜੀਤ ਕੌਰ ਪਤਨੀ ਭੁਪਿੰਦਰ ਸਿੰਘ ਵਾਸੀ ਮਕਾਨ ਨੰਬਰ 923, ਮਲੇਰਕੋਟਲਾ ਰੋਡ ਖੰਨਾ ਨੇ ਆਪਣਾ ਨਾਮ ਬਦਲ ਕੇ ਹਰਜੀਤ ਕੌਰ ਰੱਖ ਲਿਆ ਹੈ।

■ ਮੈਂ ਕੁਲਦੀਪ ਕੌਰ ਪੁੱਤਰੀ ਗੁਰਮੁਖ ਸਿੰਘ ਵਾਸੀ ਪਿੰਡ ਜਲਾਲਦੀਵਾਲ ਲੁਧਿਆਣਾ ਨੇ ਆਪਣਾ ਨਾਮ ਬਦਲ ਕੇ ਕੁਲਦੀਪ ਕੌਰ ਰੱਖ ਲਿਆ ਹੈ।

■ ਮੈਂ ਰੇਨੂ ਗੁਪਤਾ ਪਤਨੀ ਸੰਜੀਵ ਗੁਪਤਾ ਵਾਸੀ ਜੀ 601, ਜਲਵਾਯੂ ਟਾਵਰ ਲੁਧਿਆਣਾ ਨੇ ਆਪਣਾ ਨਾਮ ਬਦਲ ਕੇ ਰਾਜ ਰਾਣੀ ਗੁਪਤਾ ਰੱਖ ਲਿਆ ਹੈ।

■ ਮੈਂ ਰਾਜਵਿੰਦਰ ਸਿੰਘ ਪੁੱਤਰ ਹਰਨੇਕ ਸਿੰਘ ਵਾਸੀ ਪਿੰਡ 7146, ਦੁਗਰੀ ਲੁਧਿਆਣਾ ਨੇ ਆਪਣਾ ਨਾਮ ਬਦਲ ਕੇ ਰਾਜਵਿੰਦਰ ਸਿੰਘ ਰੱਖ ਲਿਆ ਹੈ।

■ ਮੈਂ Gurcharan ਸਿੰਘ ਪੁੱਤਰ ਜੋਗਿੰਦਰ ਸਿੰਘ ਵਾਸੀ 3413, ਗਲੀ ਨੰ. 4, ਲੁਧਿਆਣਾ ਨੇ ਆਪਣਾ ਨਾਮ ਬਦਲ ਕੇ Gurcharan Singh ਰੱਖ ਲਿਆ ਹੈ।
